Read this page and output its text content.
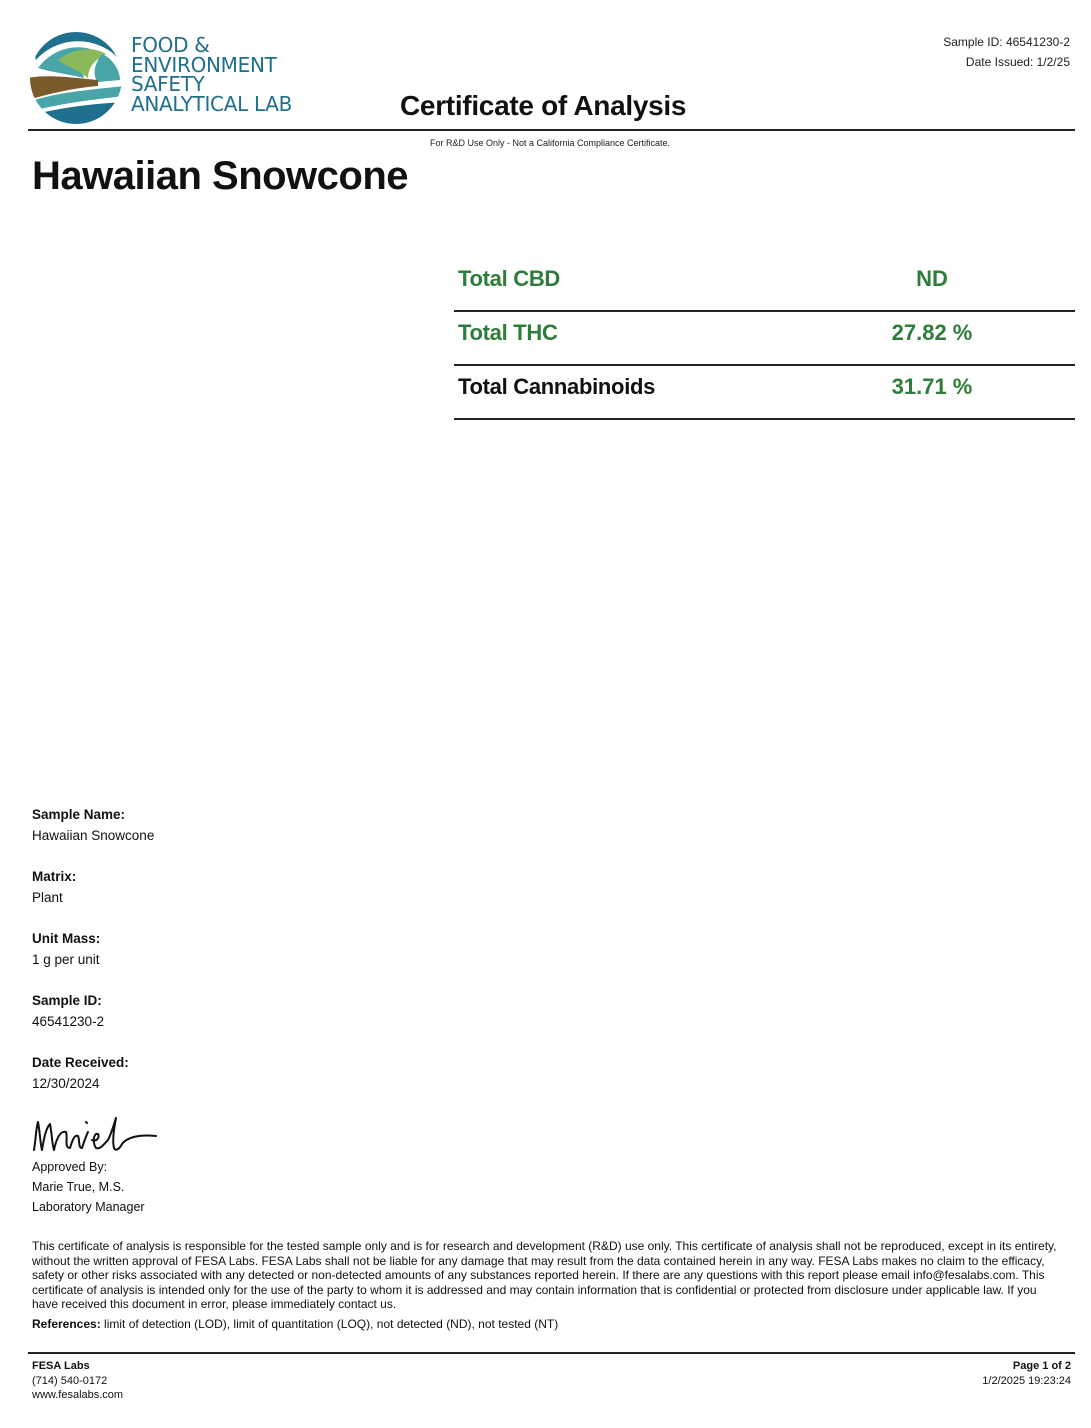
FOOD &
ENVIRONMENT
SAFETY
ANALYTICAL LAB
Sample ID: 46541230-2
Date Issued: 1/2/25
Certificate of Analysis
For R&D Use Only - Not a California Compliance Certificate.
Hawaiian Snowcone
Total CBD	ND
Total THC	27.82 %
Total Cannabinoids	31.71 %
Sample Name:
Hawaiian Snowcone
Matrix:
Plant
Unit Mass:
1 g per unit
Sample ID:
46541230-2
Date Received:
12/30/2024
Approved By:
Marie True, M.S.
Laboratory Manager
This certificate of analysis is responsible for the tested sample only and is for research and development (R&D) use only. This certificate of analysis shall not be reproduced, except in its entirety, without the written approval of FESA Labs. FESA Labs shall not be liable for any damage that may result from the data contained herein in any way. FESA Labs makes no claim to the efficacy, safety or other risks associated with any detected or non-detected amounts of any substances reported herein. If there are any questions with this report please email info@fesalabs.com. This certificate of analysis is intended only for the use of the party to whom it is addressed and may contain information that is confidential or protected from disclosure under applicable law. If you have received this document in error, please immediately contact us.
References: limit of detection (LOD), limit of quantitation (LOQ), not detected (ND), not tested (NT)
FESA Labs
(714) 540-0172
www.fesalabs.com
Page 1 of 2
1/2/2025 19:23:24
